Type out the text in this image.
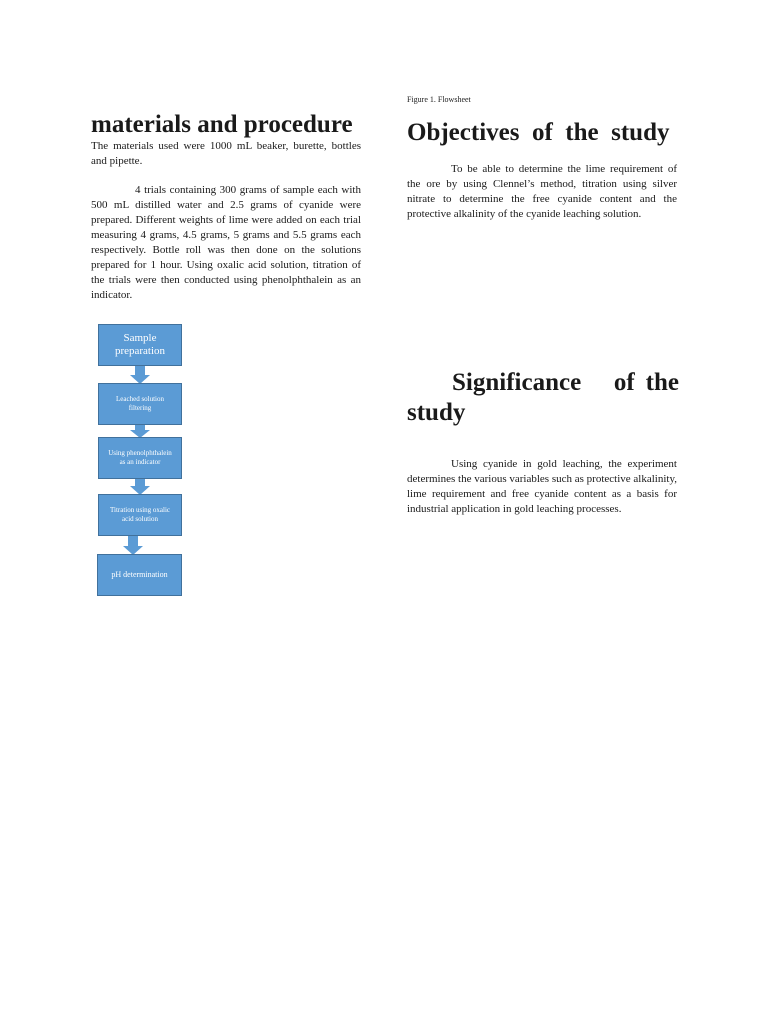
materials and procedure

The materials used were 1000 mL beaker, burette, bottles and pipette.

4 trials containing 300 grams of sample each with 500 mL distilled water and 2.5 grams of cyanide were prepared. Different weights of lime were added on each trial measuring 4 grams, 4.5 grams, 5 grams and 5.5 grams each respectively. Bottle roll was then done on the solutions prepared for 1 hour. Using oxalic acid solution, titration of the trials were then conducted using phenolphthalein as an indicator.

Sample preparation
Leached solution filtering
Using phenolphthalein as an indicator
Titration using oxalic acid solution
pH determination
Figure 1. Flowsheet
Objectives  of  the  study

To be able to determine the lime requirement of the ore by using Clennel’s method, titration using silver nitrate to determine the free cyanide content and the protective alkalinity of the cyanide leaching solution.

Significance   of the study

Using cyanide in gold leaching, the experiment determines the various variables such as protective alkalinity, lime requirement and free cyanide content as a basis for industrial application in gold leaching processes.
